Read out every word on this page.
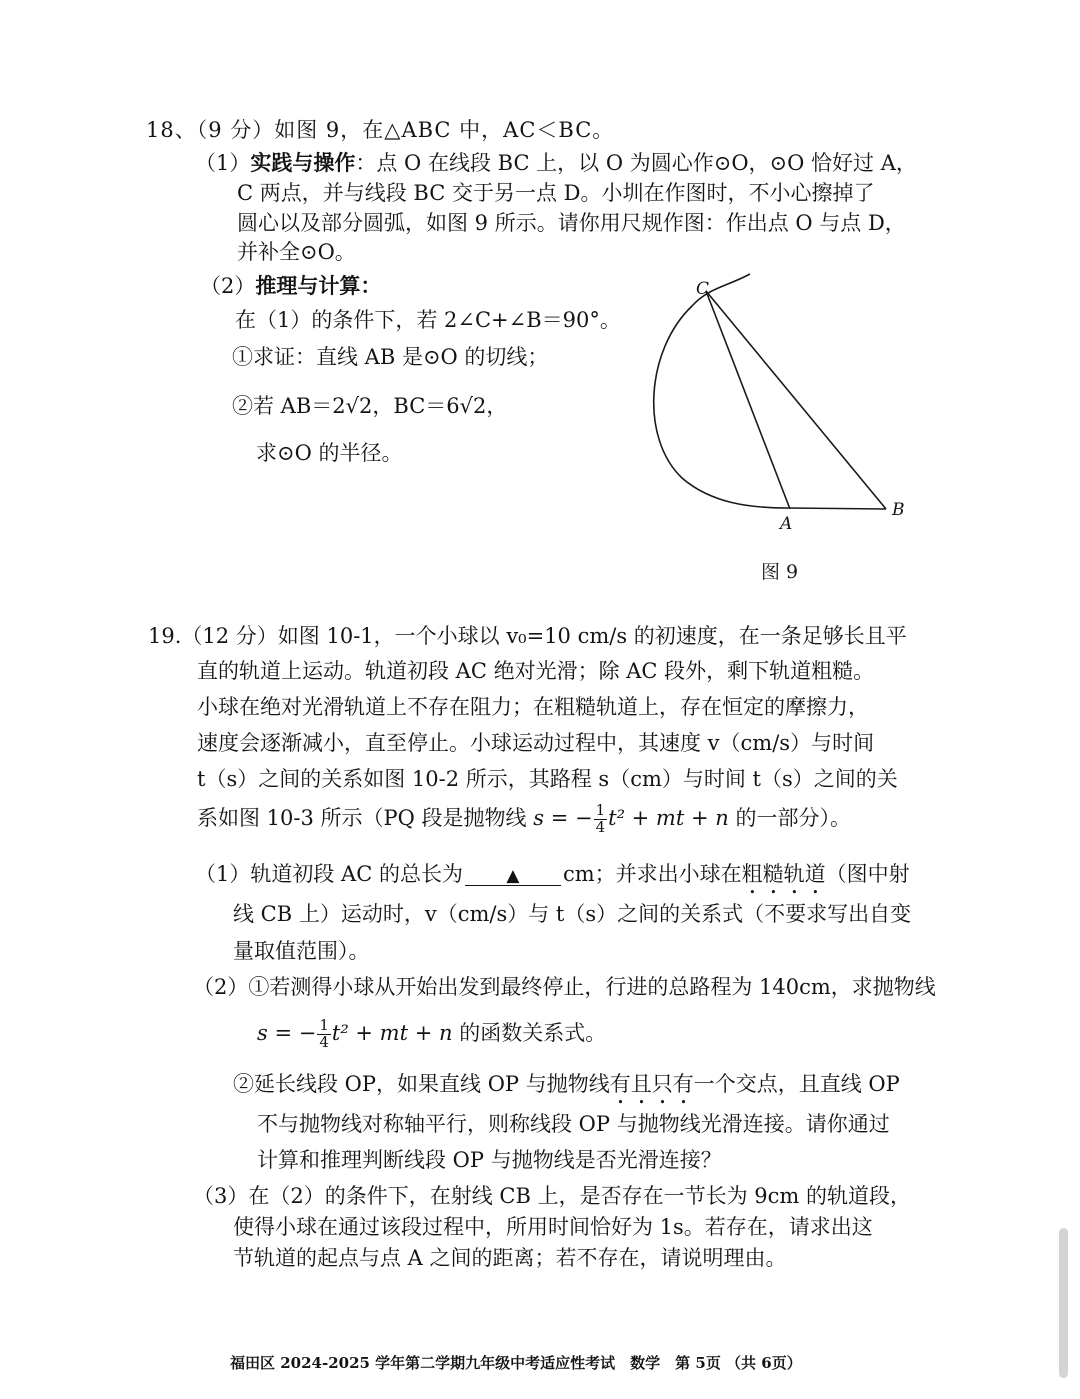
18、（9 分）如图 9，在△ABC 中，AC＜BC。
（1）实践与操作：点 O 在线段 BC 上，以 O 为圆心作⊙O，⊙O 恰好过 A，
C 两点，并与线段 BC 交于另一点 D。小圳在作图时，不小心擦掉了
圆心以及部分圆弧，如图 9 所示。请你用尺规作图：作出点 O 与点 D，
并补全⊙O。
（2）推理与计算：
在（1）的条件下，若 2∠C+∠B＝90°。
①求证：直线 AB 是⊙O 的切线；
②若 AB＝2√2，BC＝6√2，
求⊙O 的半径。
C
A
B
图 9
19.（12 分）如图 10-1，一个小球以 v₀=10 cm/s 的初速度，在一条足够长且平
直的轨道上运动。轨道初段 AC 绝对光滑；除 AC 段外，剩下轨道粗糙。
小球在绝对光滑轨道上不存在阻力；在粗糙轨道上，存在恒定的摩擦力，
速度会逐渐减小，直至停止。小球运动过程中，其速度 v（cm/s）与时间
t（s）之间的关系如图 10-2 所示，其路程 s（cm）与时间 t（s）之间的关
系如图 10-3 所示（PQ 段是抛物线 s = − $\frac{1}{4} t^2$ + mt + n 的一部分）。
（1）轨道初段 AC 的总长为	▲ cm；并求出小球在粗糙轨道（图中射
线 CB 上）运动时，v（cm/s）与 t（s）之间的关系式（不要求写出自变
量取值范围）。
（2）①若测得小球从开始出发到最终停止，行进的总路程为 140cm，求抛物线
s = − $\frac{1}{4} t^2$ + mt + n 的函数关系式。
②延长线段 OP，如果直线 OP 与抛物线有且只有一个交点，且直线 OP
不与抛物线对称轴平行，则称线段 OP 与抛物线光滑连接。请你通过
计算和推理判断线段 OP 与抛物线是否光滑连接？
（3）在（2）的条件下，在射线 CB 上，是否存在一节长为 9cm 的轨道段，
使得小球在通过该段过程中，所用时间恰好为 1s。若存在，请求出这
节轨道的起点与点 A 之间的距离；若不存在，请说明理由。
福田区 2024-2025 学年第二学期九年级中考适应性考试　数学　第 5页 （共 6页）
